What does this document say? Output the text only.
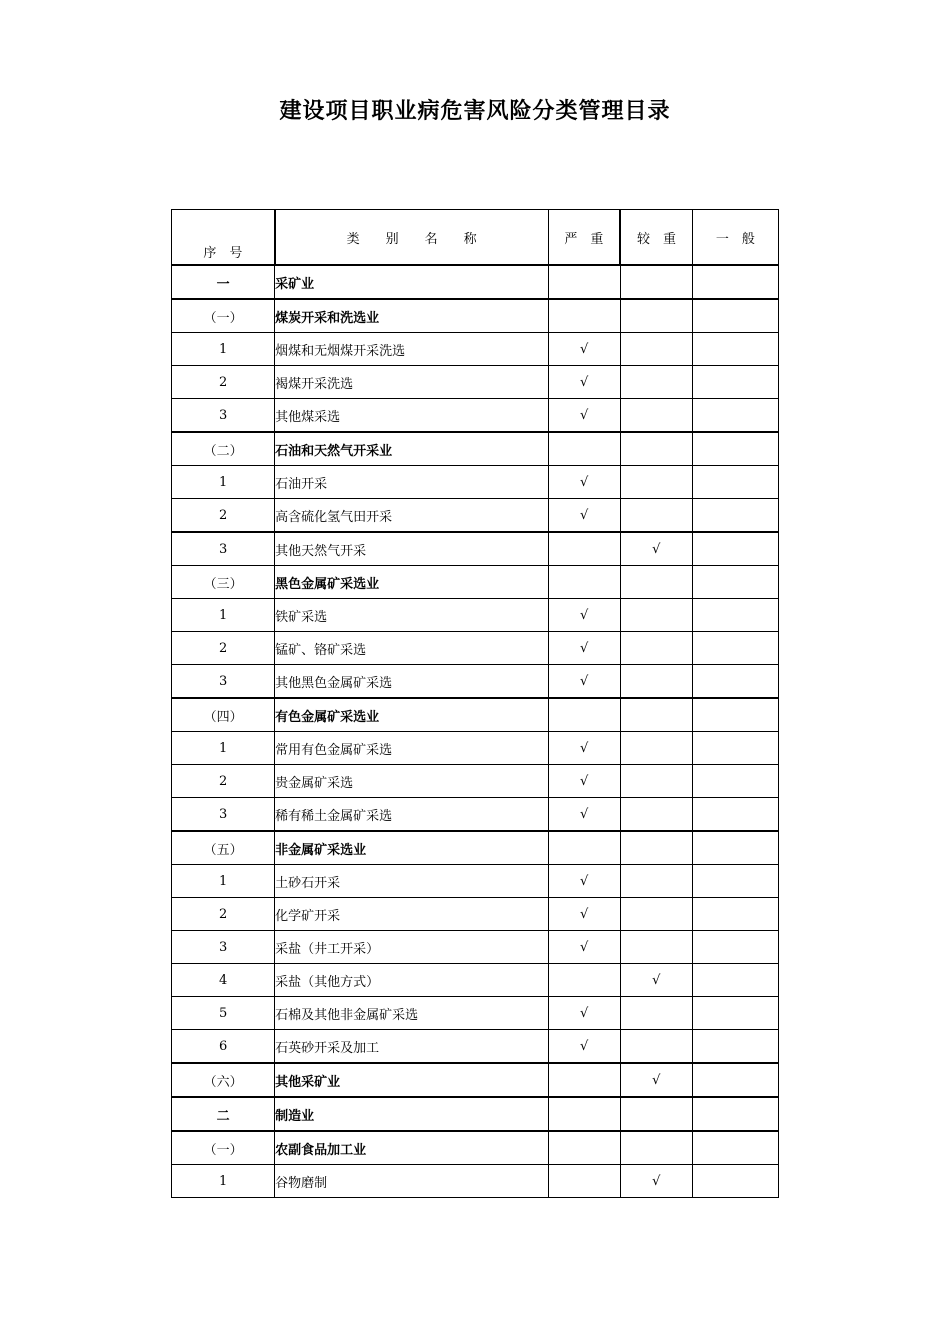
建设项目职业病危害风险分类管理目录
序　号	类　　别　　名　　称	严　重	较　重	一　般
一	采矿业			
（一）	煤炭开采和洗选业			
1	烟煤和无烟煤开采洗选	√		
2	褐煤开采洗选	√		
3	其他煤采选	√		
（二）	石油和天然气开采业			
1	石油开采	√		
2	高含硫化氢气田开采	√		
3	其他天然气开采		√	
（三）	黑色金属矿采选业			
1	铁矿采选	√		
2	锰矿、铬矿采选	√		
3	其他黑色金属矿采选	√		
（四）	有色金属矿采选业			
1	常用有色金属矿采选	√		
2	贵金属矿采选	√		
3	稀有稀土金属矿采选	√		
（五）	非金属矿采选业			
1	土砂石开采	√		
2	化学矿开采	√		
3	采盐（井工开采）	√		
4	采盐（其他方式）		√	
5	石棉及其他非金属矿采选	√		
6	石英砂开采及加工	√		
（六）	其他采矿业		√	
二	制造业			
（一）	农副食品加工业			
1	谷物磨制		√	
